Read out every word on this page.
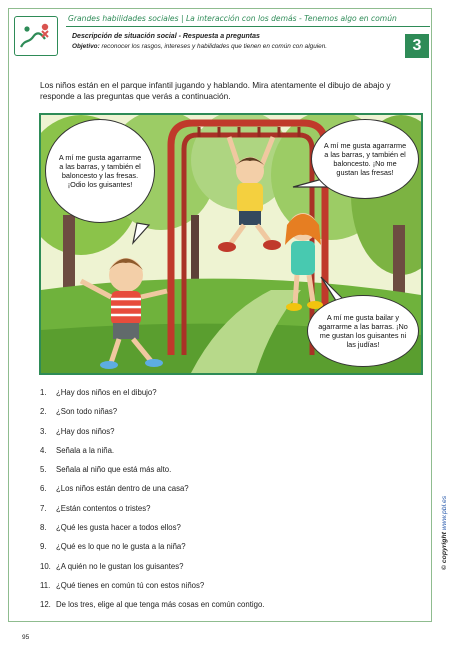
Grandes habilidades sociales | La interacción con los demás - Tenemos algo en común
Descripción de situación social - Respuesta a preguntas
Objetivo: reconocer los rasgos, intereses y habilidades que tienen en común con alguien.	3
Los niños están en el parque infantil jugando y hablando. Mira atentamente el dibujo de abajo y responde a las preguntas que verás a continuación.
A mí me gusta agarrarme a las barras, y también el baloncesto y las fresas. ¡Odio los guisantes!
A mí me gusta agarrarme a las barras, y también el baloncesto. ¡No me gustan las fresas!
A mí me gusta bailar y agarrarme a las barras. ¡No me gustan los guisantes ni las judías!
1.	¿Hay dos niños en el dibujo?
2.	¿Son todo niñas?
3.	¿Hay dos niños?
4.	Señala a la niña.
5.	Señala al niño que está más alto.
6.	¿Los niños están dentro de una casa?
7.	¿Están contentos o tristes?
8.	¿Qué les gusta hacer a todos ellos?
9.	¿Qué es lo que no le gusta a la niña?
10. ¿A quién no le gustan los guisantes?
11. ¿Qué tienes en común tú con estos niños?
12. De los tres, elige al que tenga más cosas en común contigo.
© copyright www.pbl.es
95
